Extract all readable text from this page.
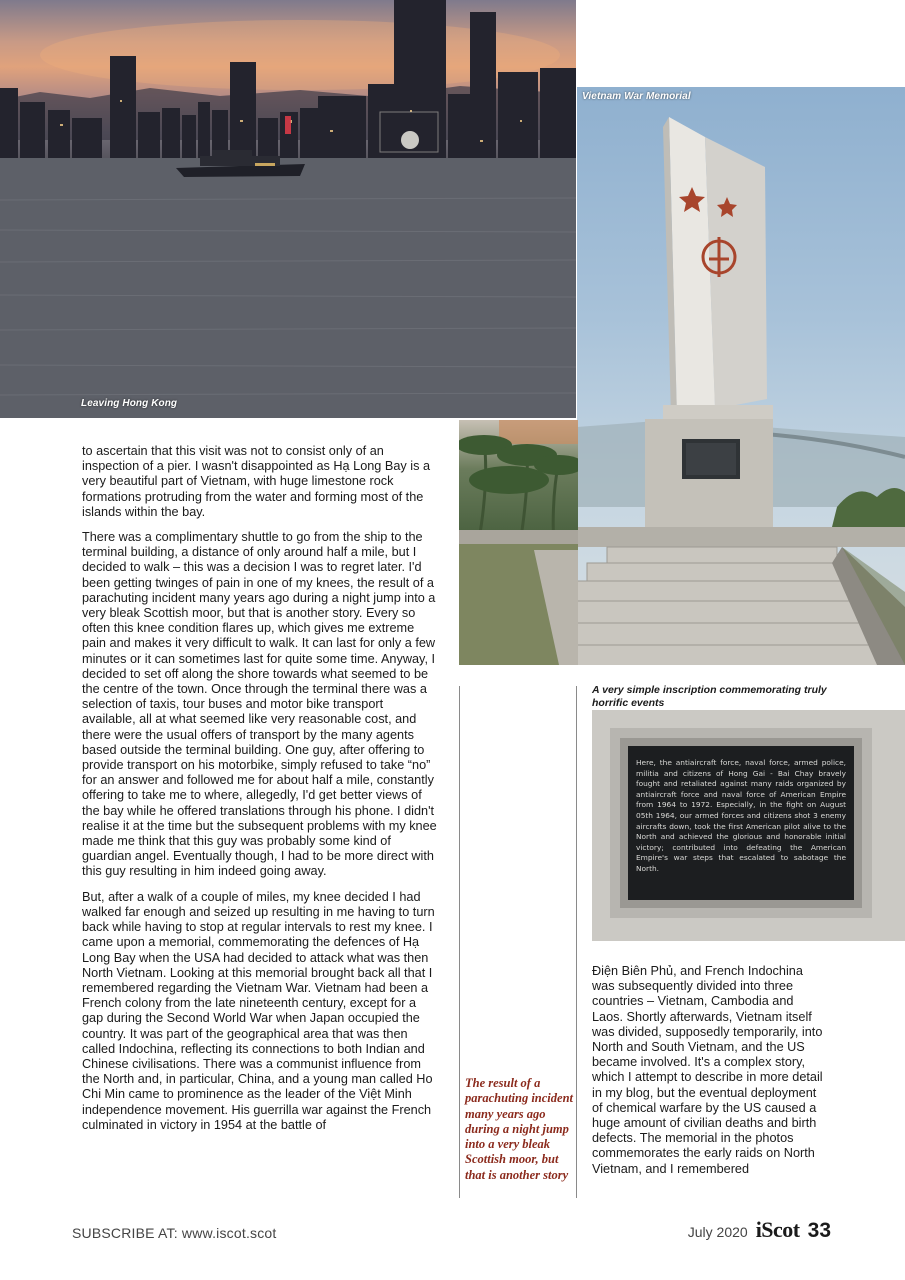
Leaving Hong Kong
Vietnam War Memorial
A very simple inscription commemorating truly horrific events
Here, the antiaircraft force, naval force, armed police, militia and citizens of Hong Gai - Bai Chay bravely fought and retaliated against many raids organized by antiaircraft force and naval force of American Empire from 1964 to 1972. Especially, in the fight on August 05th 1964, our armed forces and citizens shot 3 enemy aircrafts down, took the first American pilot alive to the North and achieved the glorious and honorable initial victory; contributed into defeating the American Empire's war steps that escalated to sabotage the North.

to ascertain that this visit was not to consist only of an inspection of a pier. I wasn't disappointed as Hạ Long Bay is a very beautiful part of Vietnam, with huge limestone rock formations protruding from the water and forming most of the islands within the bay.

There was a complimentary shuttle to go from the ship to the terminal building, a distance of only around half a mile, but I decided to walk – this was a decision I was to regret later. I'd been getting twinges of pain in one of my knees, the result of a parachuting incident many years ago during a night jump into a very bleak Scottish moor, but that is another story. Every so often this knee condition flares up, which gives me extreme pain and makes it very difficult to walk. It can last for only a few minutes or it can sometimes last for quite some time. Anyway, I decided to set off along the shore towards what seemed to be the centre of the town. Once through the terminal there was a selection of taxis, tour buses and motor bike transport available, all at what seemed like very reasonable cost, and there were the usual offers of transport by the many agents based outside the terminal building. One guy, after offering to provide transport on his motorbike, simply refused to take “no” for an answer and followed me for about half a mile, constantly offering to take me to where, allegedly, I'd get better views of the bay while he offered translations through his phone. I didn't realise it at the time but the subsequent problems with my knee made me think that this guy was probably some kind of guardian angel. Eventually though, I had to be more direct with this guy resulting in him indeed going away.

But, after a walk of a couple of miles, my knee decided I had walked far enough and seized up resulting in me having to turn back while having to stop at regular intervals to rest my knee. I came upon a memorial, commemorating the defences of Hạ Long Bay when the USA had decided to attack what was then North Vietnam. Looking at this memorial brought back all that I remembered regarding the Vietnam War. Vietnam had been a French colony from the late nineteenth century, except for a gap during the Second World War when Japan occupied the country. It was part of the geographical area that was then called Indochina, reflecting its connections to both Indian and Chinese civilisations. There was a communist influence from the North and, in particular, China, and a young man called Ho Chi Min came to prominence as the leader of the Việt Minh independence movement. His guerrilla war against the French culminated in victory in 1954 at the battle of

The result of a parachuting incident many years ago during a night jump into a very bleak Scottish moor, but that is another story

Điện Biên Phủ, and French Indochina was subsequently divided into three countries – Vietnam, Cambodia and Laos. Shortly afterwards, Vietnam itself was divided, supposedly temporarily, into North and South Vietnam, and the US became involved. It's a complex story, which I attempt to describe in more detail in my blog, but the eventual deployment of chemical warfare by the US caused a huge amount of civilian deaths and birth defects. The memorial in the photos commemorates the early raids on North Vietnam, and I remembered

SUBSCRIBE AT: www.iscot.scot	July 2020 iScot 33
